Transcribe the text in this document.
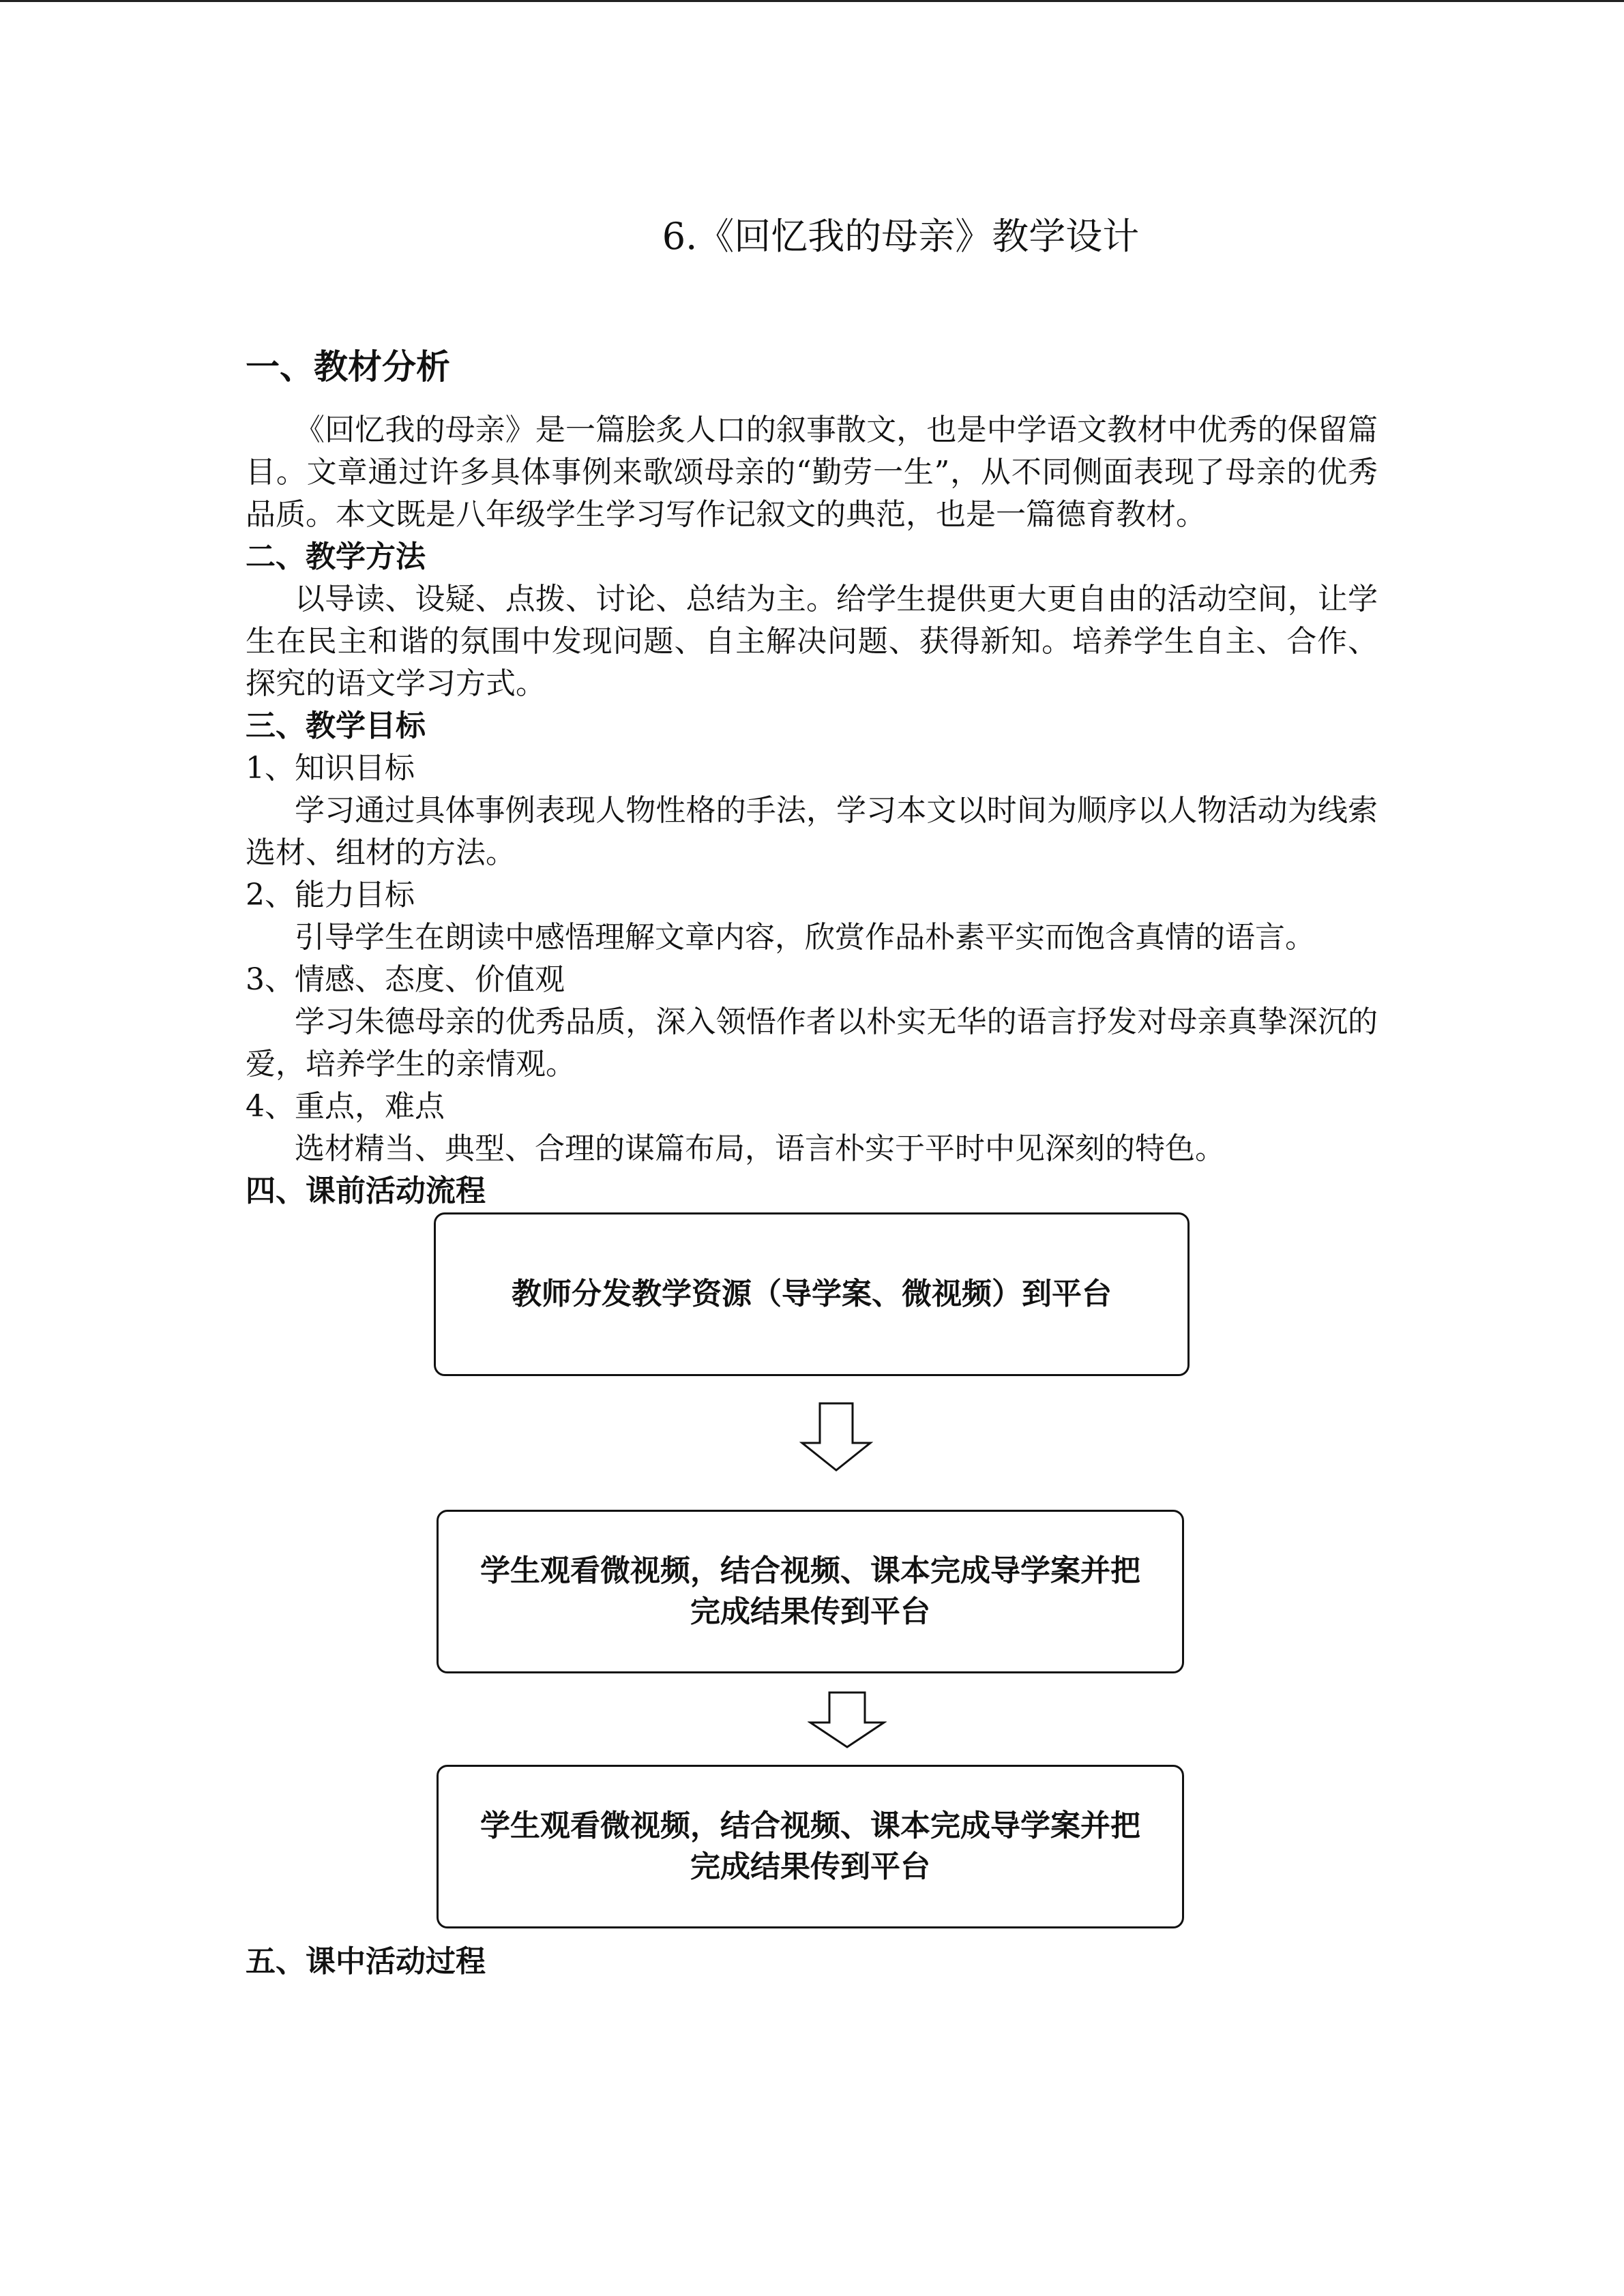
6.《回忆我的母亲》教学设计
一、教材分析

《回忆我的母亲》是一篇脍炙人口的叙事散文，也是中学语文教材中优秀的保留篇目。文章通过许多具体事例来歌颂母亲的“勤劳一生”，从不同侧面表现了母亲的优秀品质。本文既是八年级学生学习写作记叙文的典范，也是一篇德育教材。

二、教学方法

以导读、设疑、点拨、讨论、总结为主。给学生提供更大更自由的活动空间，让学生在民主和谐的氛围中发现问题、自主解决问题、获得新知。培养学生自主、合作、探究的语文学习方式。

三、教学目标

1、知识目标

学习通过具体事例表现人物性格的手法，学习本文以时间为顺序以人物活动为线索选材、组材的方法。

2、能力目标

引导学生在朗读中感悟理解文章内容，欣赏作品朴素平实而饱含真情的语言。

3、情感、态度、价值观

学习朱德母亲的优秀品质，深入领悟作者以朴实无华的语言抒发对母亲真挚深沉的爱，培养学生的亲情观。

4、重点，难点

选材精当、典型、合理的谋篇布局，语言朴实于平时中见深刻的特色。

四、课前活动流程
教师分发教学资源（导学案、微视频）到平台
学生观看微视频，结合视频、课本完成导学案并把
完成结果传到平台
学生观看微视频，结合视频、课本完成导学案并把
完成结果传到平台
五、课中活动过程
